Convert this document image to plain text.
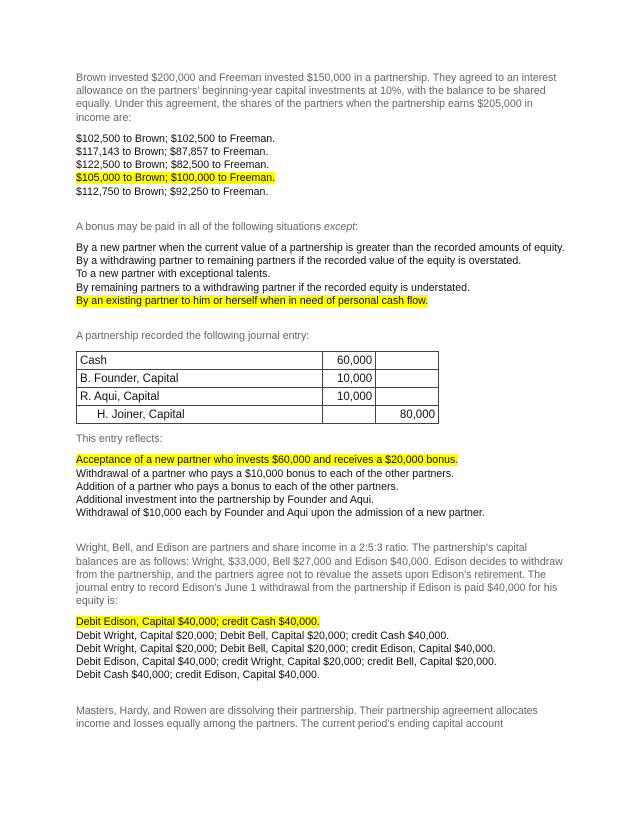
Brown invested $200,000 and Freeman invested $150,000 in a partnership. They agreed to an interest allowance on the partners' beginning-year capital investments at 10%, with the balance to be shared equally. Under this agreement, the shares of the partners when the partnership earns $205,000 in income are:

$102,500 to Brown; $102,500 to Freeman.

$117,143 to Brown; $87,857 to Freeman.

$122,500 to Brown; $82,500 to Freeman.

$105,000 to Brown; $100,000 to Freeman.

$112,750 to Brown; $92,250 to Freeman.

A bonus may be paid in all of the following situations except:

By a new partner when the current value of a partnership is greater than the recorded amounts of equity.

By a withdrawing partner to remaining partners if the recorded value of the equity is overstated.

To a new partner with exceptional talents.

By remaining partners to a withdrawing partner if the recorded equity is understated.

By an existing partner to him or herself when in need of personal cash flow.

A partnership recorded the following journal entry:

Cash	60,000	
B. Founder, Capital	10,000	
R. Aqui, Capital	10,000	
H. Joiner, Capital		80,000

This entry reflects:

Acceptance of a new partner who invests $60,000 and receives a $20,000 bonus.

Withdrawal of a partner who pays a $10,000 bonus to each of the other partners.

Addition of a partner who pays a bonus to each of the other partners.

Additional investment into the partnership by Founder and Aqui.

Withdrawal of $10,000 each by Founder and Aqui upon the admission of a new partner.

Wright, Bell, and Edison are partners and share income in a 2:5:3 ratio. The partnership's capital balances are as follows: Wright, $33,000, Bell $27,000 and Edison $40,000. Edison decides to withdraw from the partnership, and the partners agree not to revalue the assets upon Edison's retirement. The journal entry to record Edison's June 1 withdrawal from the partnership if Edison is paid $40,000 for his equity is:

Debit Edison, Capital $40,000; credit Cash $40,000.

Debit Wright, Capital $20,000; Debit Bell, Capital $20,000; credit Cash $40,000.

Debit Wright, Capital $20,000; Debit Bell, Capital $20,000; credit Edison, Capital $40,000.

Debit Edison, Capital $40,000; credit Wright, Capital $20,000; credit Bell, Capital $20,000.

Debit Cash $40,000; credit Edison, Capital $40,000.

Masters, Hardy, and Rowen are dissolving their partnership. Their partnership agreement allocates income and losses equally among the partners. The current period's ending capital account
